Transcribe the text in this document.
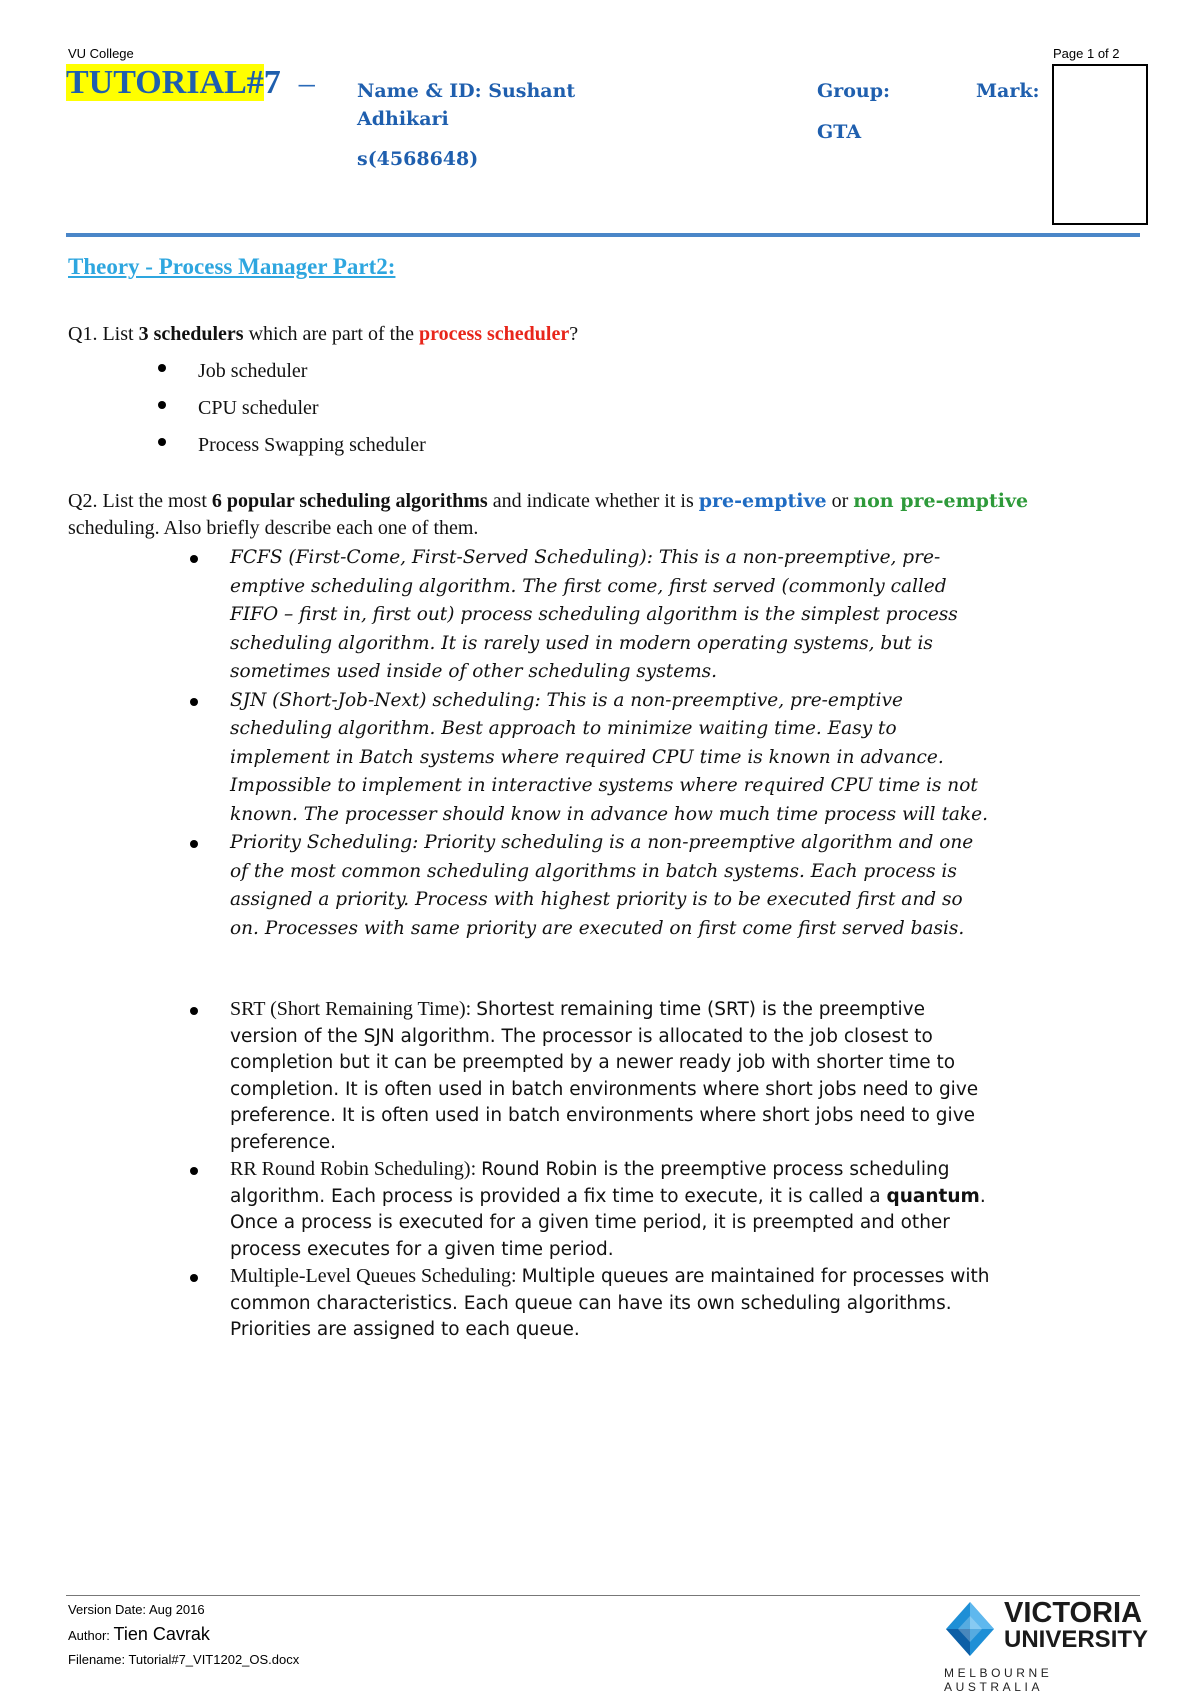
VU College	Page 1 of 2
TUTORIAL#7 – Name & ID: Sushant
Adhikari
s(4568648)
Group:
GTA
Mark:
Theory - Process Manager Part2:
Q1. List 3 schedulers which are part of the process scheduler?
Job scheduler
CPU scheduler
Process Swapping scheduler
Q2. List the most 6 popular scheduling algorithms and indicate whether it is pre-emptive or non pre-emptive scheduling. Also briefly describe each one of them.
FCFS (First-Come, First-Served Scheduling): This is a non-preemptive, pre-emptive scheduling algorithm. The first come, first served (commonly called FIFO – first in, first out) process scheduling algorithm is the simplest process scheduling algorithm. It is rarely used in modern operating systems, but is sometimes used inside of other scheduling systems.
SJN (Short-Job-Next) scheduling: This is a non-preemptive, pre-emptive scheduling algorithm. Best approach to minimize waiting time. Easy to implement in Batch systems where required CPU time is known in advance. Impossible to implement in interactive systems where required CPU time is not known. The processer should know in advance how much time process will take.
Priority Scheduling: Priority scheduling is a non-preemptive algorithm and one of the most common scheduling algorithms in batch systems. Each process is assigned a priority. Process with highest priority is to be executed first and so on. Processes with same priority are executed on first come first served basis.
SRT (Short Remaining Time): Shortest remaining time (SRT) is the preemptive version of the SJN algorithm. The processor is allocated to the job closest to completion but it can be preempted by a newer ready job with shorter time to completion. It is often used in batch environments where short jobs need to give preference. It is often used in batch environments where short jobs need to give preference.
RR Round Robin Scheduling): Round Robin is the preemptive process scheduling algorithm. Each process is provided a fix time to execute, it is called a quantum. Once a process is executed for a given time period, it is preempted and other process executes for a given time period.
Multiple-Level Queues Scheduling: Multiple queues are maintained for processes with common characteristics. Each queue can have its own scheduling algorithms. Priorities are assigned to each queue.
Version Date: Aug 2016
Author: Tien Cavrak
Filename: Tutorial#7_VIT1202_OS.docx
VICTORIA
UNIVERSITY
MELBOURNE AUSTRALIA
